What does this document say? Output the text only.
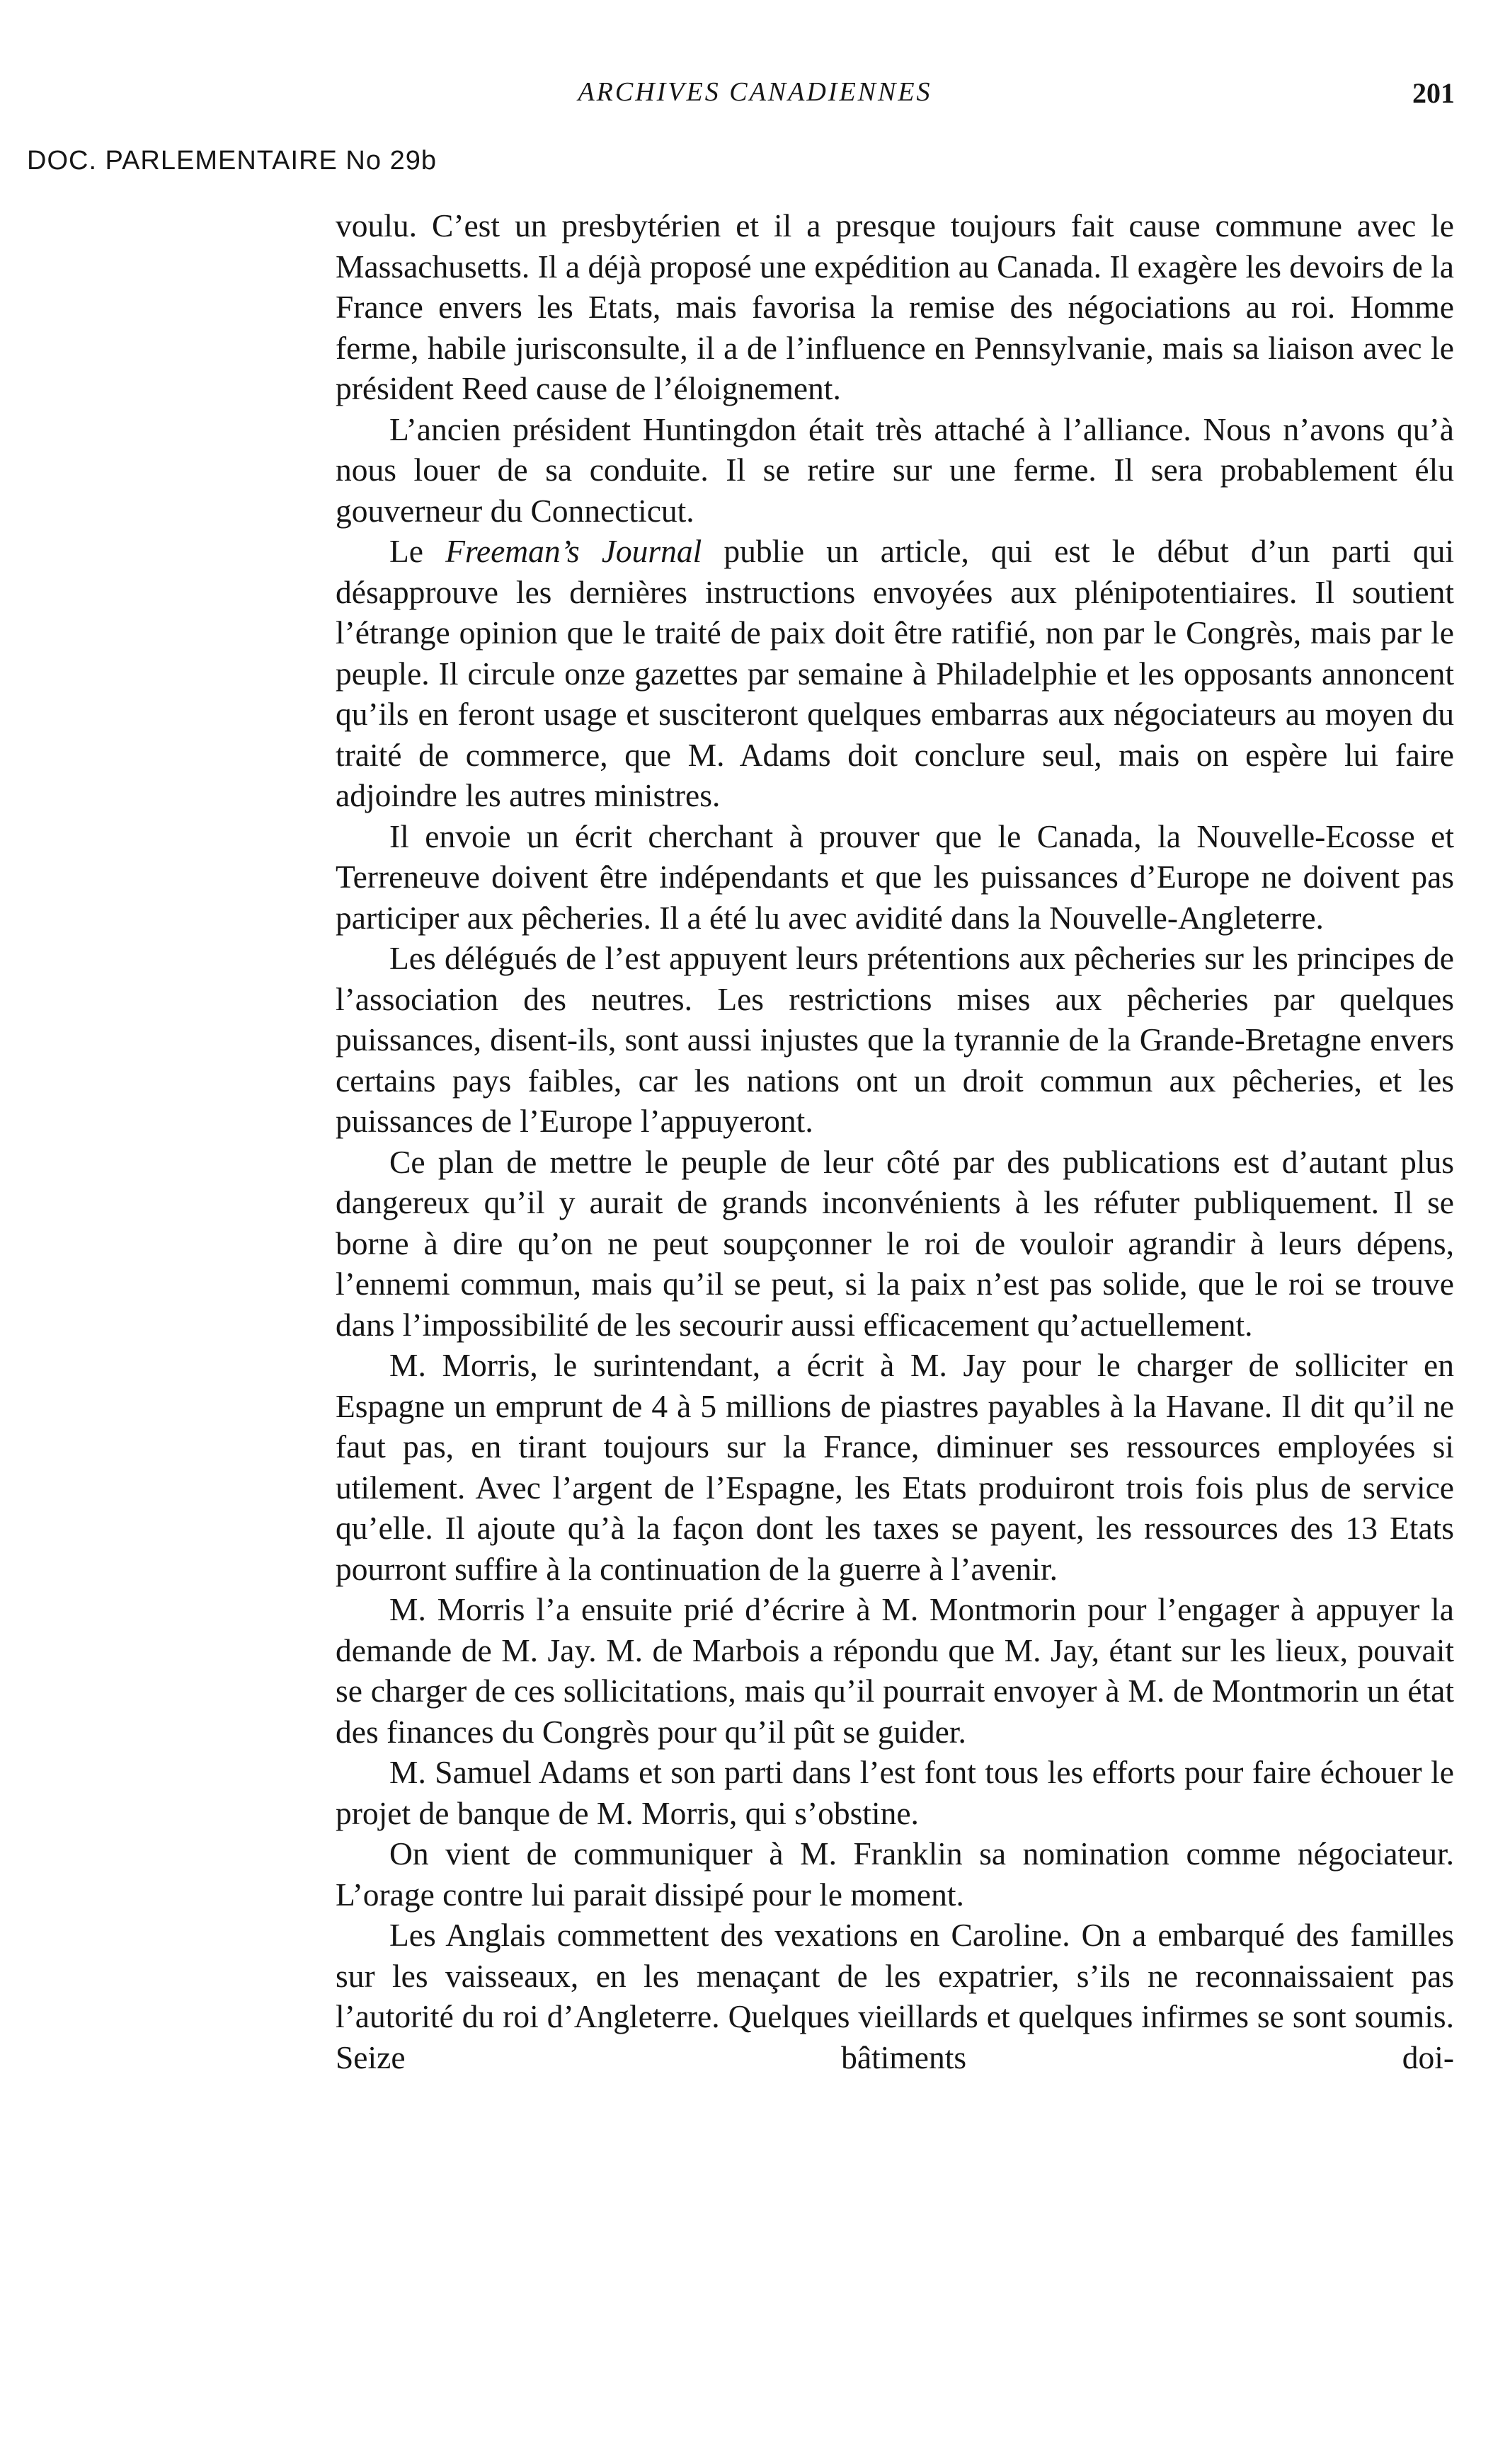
ARCHIVES CANADIENNES	201
DOC. PARLEMENTAIRE No 29b

voulu. C’est un presbytérien et il a presque toujours fait cause commune avec le Massachusetts. Il a déjà proposé une expédition au Canada. Il exagère les devoirs de la France envers les Etats, mais favorisa la remise des négociations au roi. Homme ferme, habile jurisconsulte, il a de l’influence en Pennsylvanie, mais sa liaison avec le président Reed cause de l’éloignement.

L’ancien président Huntingdon était très attaché à l’alliance. Nous n’avons qu’à nous louer de sa conduite. Il se retire sur une ferme. Il sera probablement élu gouverneur du Connecticut.

Le Freeman’s Journal publie un article, qui est le début d’un parti qui désapprouve les dernières instructions envoyées aux plénipotentiaires. Il soutient l’étrange opinion que le traité de paix doit être ratifié, non par le Congrès, mais par le peuple. Il circule onze gazettes par semaine à Philadelphie et les opposants annoncent qu’ils en feront usage et susciteront quelques embarras aux négociateurs au moyen du traité de commerce, que M. Adams doit conclure seul, mais on espère lui faire adjoindre les autres ministres.

Il envoie un écrit cherchant à prouver que le Canada, la Nouvelle-Ecosse et Terreneuve doivent être indépendants et que les puissances d’Europe ne doivent pas participer aux pêcheries. Il a été lu avec avidité dans la Nouvelle-Angleterre.

Les délégués de l’est appuyent leurs prétentions aux pêcheries sur les principes de l’association des neutres. Les restrictions mises aux pêcheries par quelques puissances, disent-ils, sont aussi injustes que la tyrannie de la Grande-Bretagne envers certains pays faibles, car les nations ont un droit commun aux pêcheries, et les puissances de l’Europe l’appuyeront.

Ce plan de mettre le peuple de leur côté par des publications est d’autant plus dangereux qu’il y aurait de grands inconvénients à les réfuter publiquement. Il se borne à dire qu’on ne peut soupçonner le roi de vouloir agrandir à leurs dépens, l’ennemi commun, mais qu’il se peut, si la paix n’est pas solide, que le roi se trouve dans l’impossibilité de les secourir aussi efficacement qu’actuellement.

M. Morris, le surintendant, a écrit à M. Jay pour le charger de solliciter en Espagne un emprunt de 4 à 5 millions de piastres payables à la Havane. Il dit qu’il ne faut pas, en tirant toujours sur la France, diminuer ses ressources employées si utilement. Avec l’argent de l’Espagne, les Etats produiront trois fois plus de service qu’elle. Il ajoute qu’à la façon dont les taxes se payent, les ressources des 13 Etats pourront suffire à la continuation de la guerre à l’avenir.

M. Morris l’a ensuite prié d’écrire à M. Montmorin pour l’engager à appuyer la demande de M. Jay. M. de Marbois a répondu que M. Jay, étant sur les lieux, pouvait se charger de ces sollicitations, mais qu’il pourrait envoyer à M. de Montmorin un état des finances du Congrès pour qu’il pût se guider.

M. Samuel Adams et son parti dans l’est font tous les efforts pour faire échouer le projet de banque de M. Morris, qui s’obstine.

On vient de communiquer à M. Franklin sa nomination comme négociateur. L’orage contre lui parait dissipé pour le moment.

Les Anglais commettent des vexations en Caroline. On a embarqué des familles sur les vaisseaux, en les menaçant de les expatrier, s’ils ne reconnaissaient pas l’autorité du roi d’Angleterre. Quelques vieillards et quelques infirmes se sont soumis. Seize bâtiments doi-
